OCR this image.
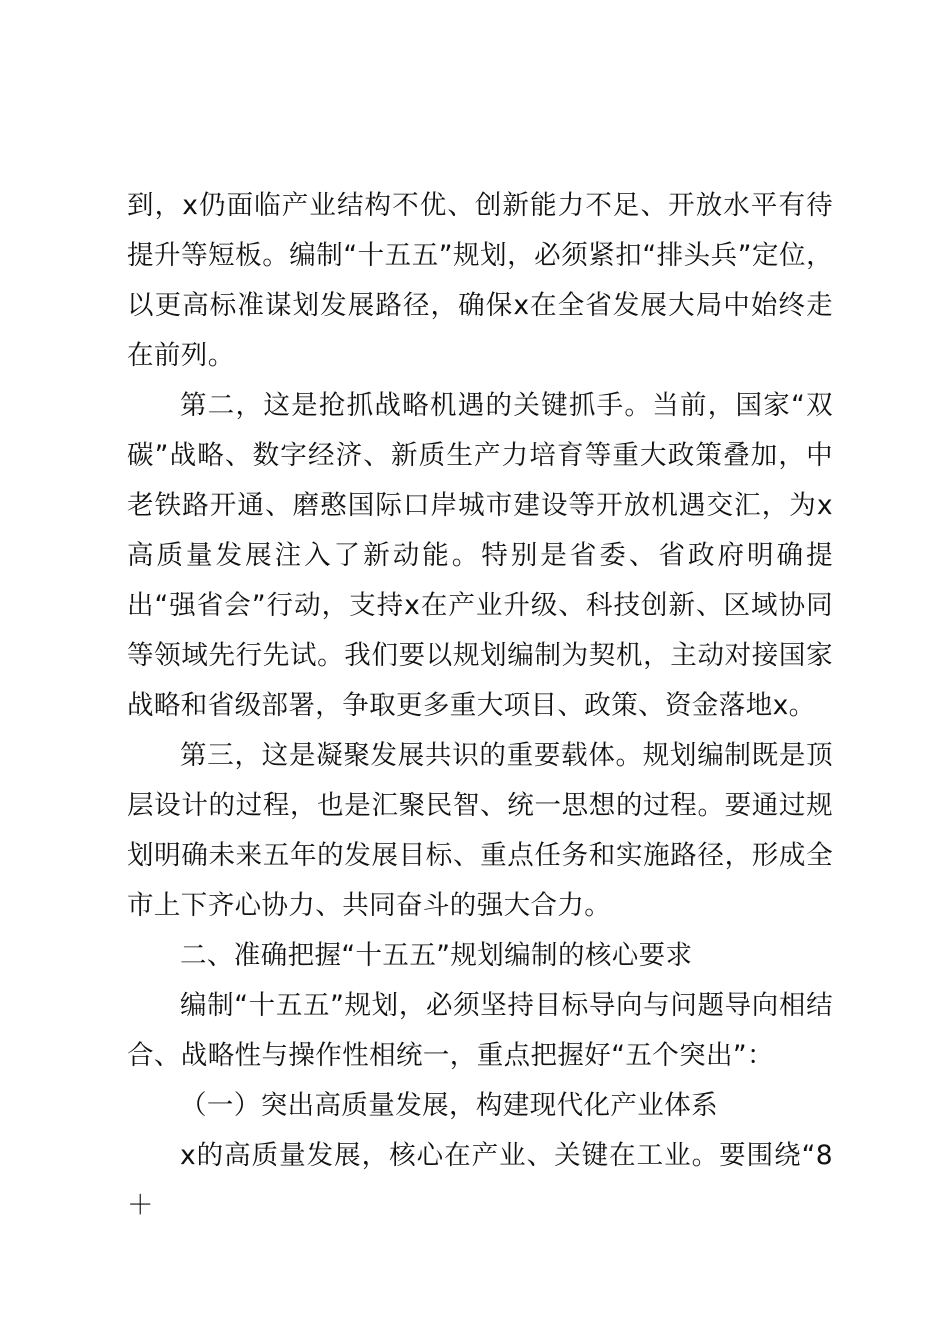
到，x仍面临产业结构不优、创新能力不足、开放水平有待提升等短板。编制“十五五”规划，必须紧扣“排头兵”定位，以更高标准谋划发展路径，确保x在全省发展大局中始终走在前列。

第二，这是抢抓战略机遇的关键抓手。当前，国家“双碳”战略、数字经济、新质生产力培育等重大政策叠加，中老铁路开通、磨憨国际口岸城市建设等开放机遇交汇，为x高质量发展注入了新动能。特别是省委、省政府明确提出“强省会”行动，支持x在产业升级、科技创新、区域协同等领域先行先试。我们要以规划编制为契机，主动对接国家战略和省级部署，争取更多重大项目、政策、资金落地x。

第三，这是凝聚发展共识的重要载体。规划编制既是顶层设计的过程，也是汇聚民智、统一思想的过程。要通过规划明确未来五年的发展目标、重点任务和实施路径，形成全市上下齐心协力、共同奋斗的强大合力。

二、准确把握“十五五”规划编制的核心要求

编制“十五五”规划，必须坚持目标导向与问题导向相结合、战略性与操作性相统一，重点把握好“五个突出”：

（一）突出高质量发展，构建现代化产业体系

x的高质量发展，核心在产业、关键在工业。要围绕“8＋
